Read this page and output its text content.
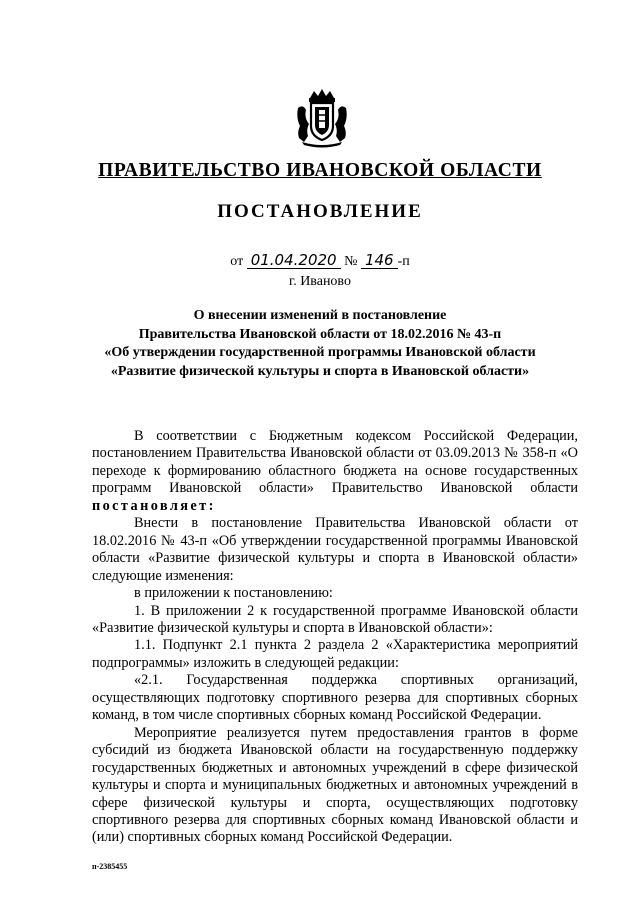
ПРАВИТЕЛЬСТВО ИВАНОВСКОЙ ОБЛАСТИ
ПОСТАНОВЛЕНИЕ
от 01.04.2020 № 146 -п
г. Иваново
О внесении изменений в постановление
Правительства Ивановской области от 18.02.2016 № 43-п
«Об утверждении государственной программы Ивановской области
«Развитие физической культуры и спорта в Ивановской области»

В соответствии с Бюджетным кодексом Российской Федерации, постановлением Правительства Ивановской области от 03.09.2013 № 358-п «О переходе к формированию областного бюджета на основе государственных программ Ивановской области» Правительство Ивановской области постановляет:

Внести в постановление Правительства Ивановской области от 18.02.2016 № 43-п «Об утверждении государственной программы Ивановской области «Развитие физической культуры и спорта в Ивановской области» следующие изменения:

в приложении к постановлению:

1. В приложении 2 к государственной программе Ивановской области «Развитие физической культуры и спорта в Ивановской области»:

1.1. Подпункт 2.1 пункта 2 раздела 2 «Характеристика мероприятий подпрограммы» изложить в следующей редакции:

«2.1. Государственная поддержка спортивных организаций, осуществляющих подготовку спортивного резерва для спортивных сборных команд, в том числе спортивных сборных команд Российской Федерации.

Мероприятие реализуется путем предоставления грантов в форме субсидий из бюджета Ивановской области на государственную поддержку государственных бюджетных и автономных учреждений в сфере физической культуры и спорта и муниципальных бюджетных и автономных учреждений в сфере физической культуры и спорта, осуществляющих подготовку спортивного резерва для спортивных сборных команд Ивановской области и (или) спортивных сборных команд Российской Федерации.

п-2385455
